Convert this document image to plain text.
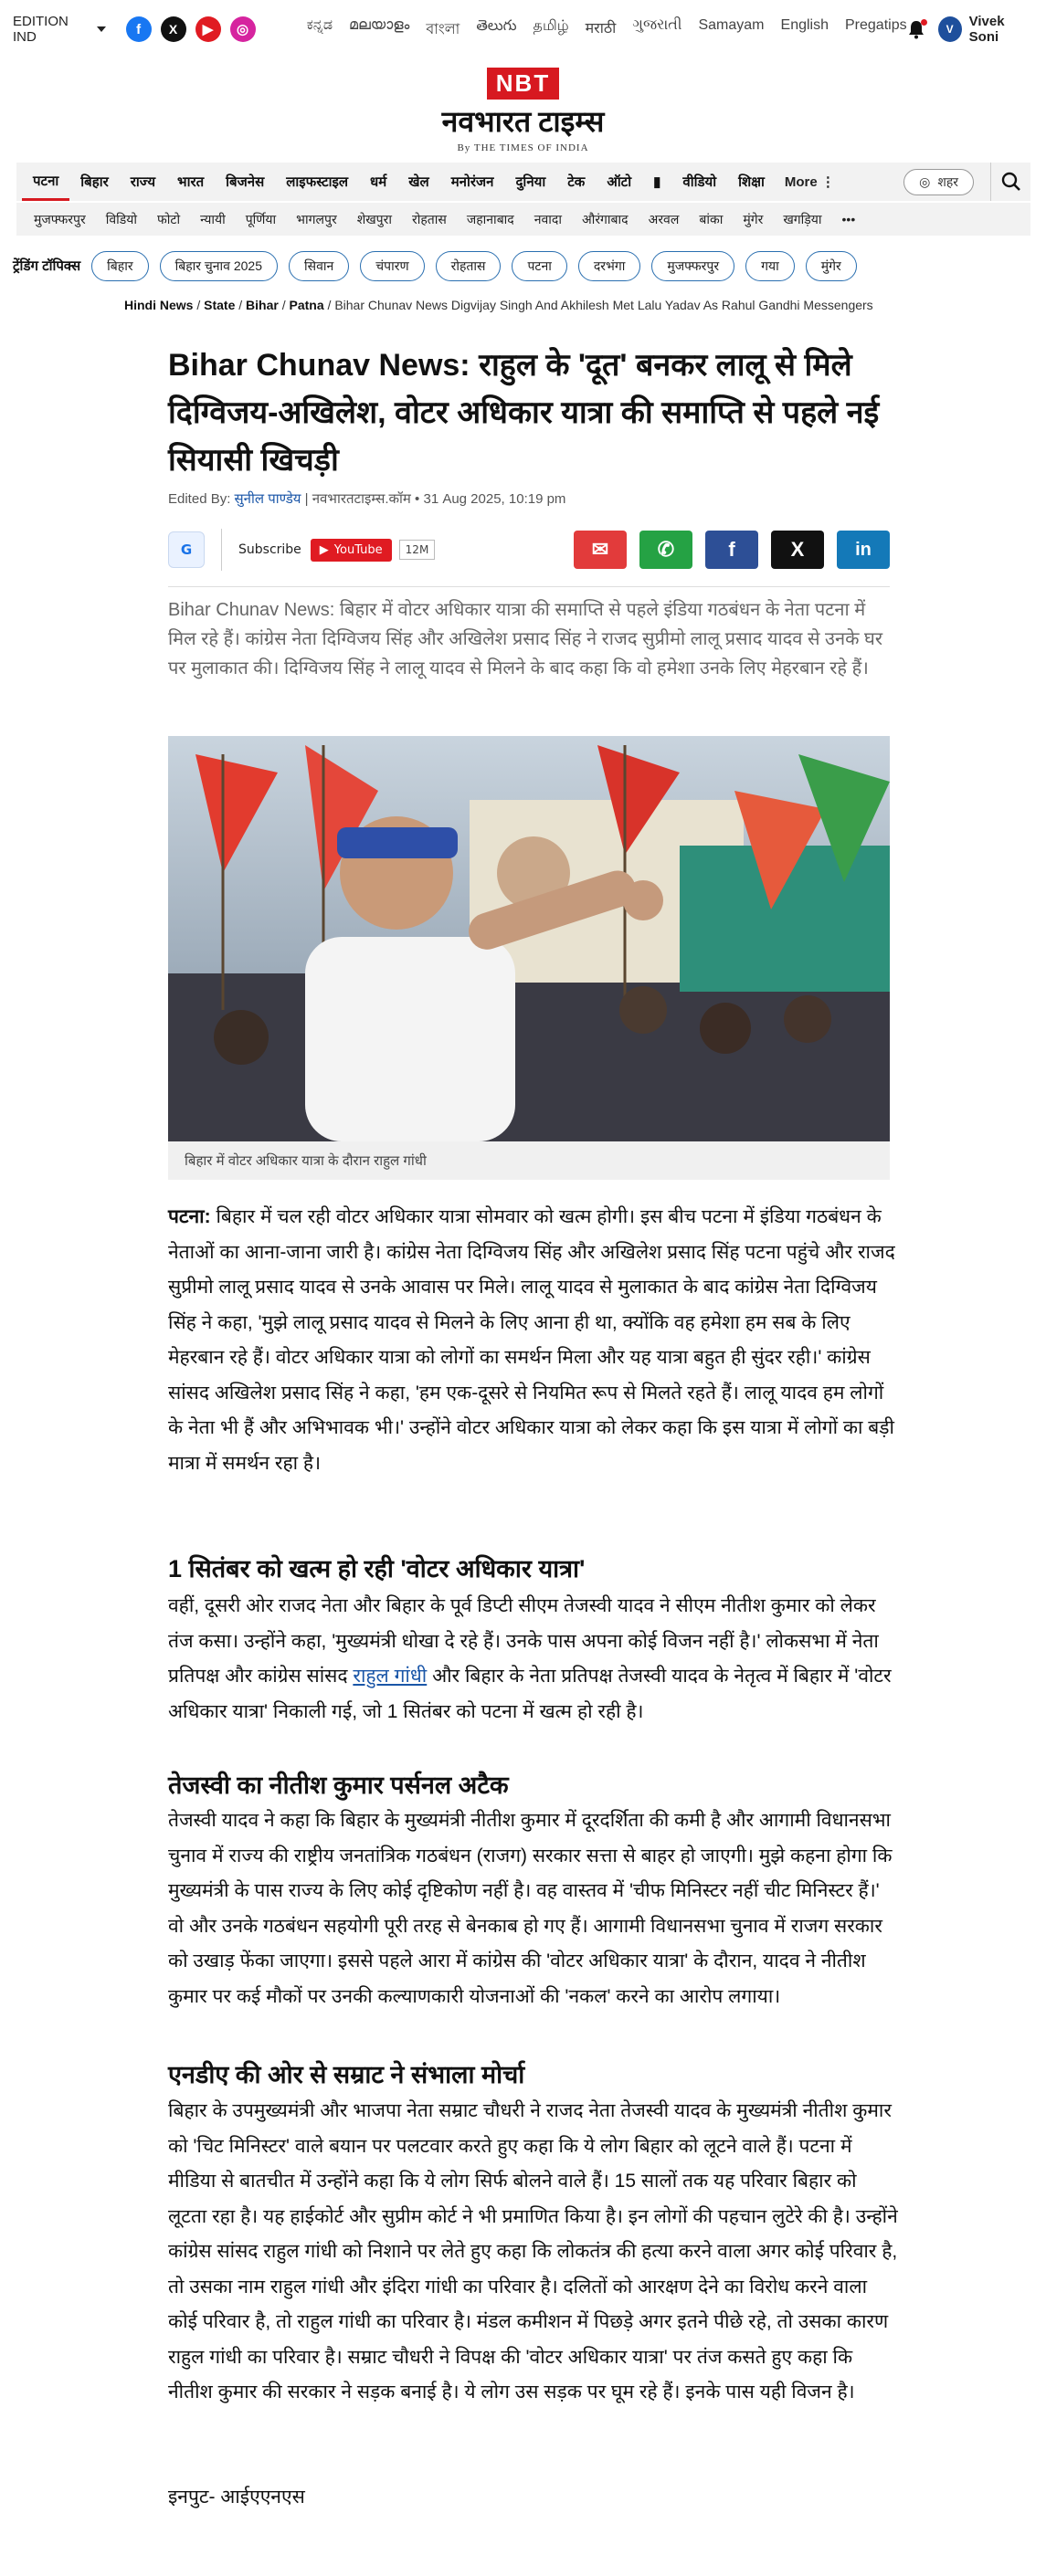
EDITION IND	f	X	▶	◎	ಕನ್ನಡ മലയാളം বাংলা తెలుగు தமிழ் मराठी ગુજરાતી Samayam English Pregatips	V	Vivek Soni
NBT
नवभारत टाइम्स
By THE TIMES OF INDIA
पटना	बिहार	राज्य	भारत	बिजनेस	लाइफस्टाइल	धर्म	खेल	मनोरंजन	दुनिया	टेक	ऑटो	▮	वीडियो	शिक्षा	More ⋮	◎ शहर
मुजफ्फरपुर	विडियो	फोटो	न्यायी	पूर्णिया	भागलपुर	शेखपुरा	रोहतास	जहानाबाद	नवादा	औरंगाबाद	अरवल	बांका	मुंगेर	खगड़िया	•••
ट्रेंडिंग टॉपिक्स	बिहार	बिहार चुनाव 2025	सिवान	चंपारण	रोहतास	पटना	दरभंगा	मुजफ्फरपुर	गया	मुंगेर
Hindi News / State / Bihar / Patna / Bihar Chunav News Digvijay Singh And Akhilesh Met Lalu Yadav As Rahul Gandhi Messengers
Bihar Chunav News: राहुल के 'दूत' बनकर लालू से मिले दिग्विजय-अखिलेश, वोटर अधिकार यात्रा की समाप्ति से पहले नई सियासी खिचड़ी
Edited By: सुनील पाण्डेय | नवभारतटाइम्स.कॉम • 31 Aug 2025, 10:19 pm
G	Subscribe ▶ YouTube	12M	✉	✆	f	X	in

Bihar Chunav News: बिहार में वोटर अधिकार यात्रा की समाप्ति से पहले इंडिया गठबंधन के नेता पटना में मिल रहे हैं। कांग्रेस नेता दिग्विजय सिंह और अखिलेश प्रसाद सिंह ने राजद सुप्रीमो लालू प्रसाद यादव से उनके घर पर मुलाकात की। दिग्विजय सिंह ने लालू यादव से मिलने के बाद कहा कि वो हमेशा उनके लिए मेहरबान रहे हैं।

बिहार में वोटर अधिकार यात्रा के दौरान राहुल गांधी

पटना: बिहार में चल रही वोटर अधिकार यात्रा सोमवार को खत्म होगी। इस बीच पटना में इंडिया गठबंधन के नेताओं का आना-जाना जारी है। कांग्रेस नेता दिग्विजय सिंह और अखिलेश प्रसाद सिंह पटना पहुंचे और राजद सुप्रीमो लालू प्रसाद यादव से उनके आवास पर मिले। लालू यादव से मुलाकात के बाद कांग्रेस नेता दिग्विजय सिंह ने कहा, 'मुझे लालू प्रसाद यादव से मिलने के लिए आना ही था, क्योंकि वह हमेशा हम सब के लिए मेहरबान रहे हैं। वोटर अधिकार यात्रा को लोगों का समर्थन मिला और यह यात्रा बहुत ही सुंदर रही।' कांग्रेस सांसद अखिलेश प्रसाद सिंह ने कहा, 'हम एक-दूसरे से नियमित रूप से मिलते रहते हैं। लालू यादव हम लोगों के नेता भी हैं और अभिभावक भी।' उन्होंने वोटर अधिकार यात्रा को लेकर कहा कि इस यात्रा में लोगों का बड़ी मात्रा में समर्थन रहा है।

1 सितंबर को खत्म हो रही 'वोटर अधिकार यात्रा'

वहीं, दूसरी ओर राजद नेता और बिहार के पूर्व डिप्टी सीएम तेजस्वी यादव ने सीएम नीतीश कुमार को लेकर तंज कसा। उन्होंने कहा, 'मुख्यमंत्री धोखा दे रहे हैं। उनके पास अपना कोई विजन नहीं है।' लोकसभा में नेता प्रतिपक्ष और कांग्रेस सांसद राहुल गांधी और बिहार के नेता प्रतिपक्ष तेजस्वी यादव के नेतृत्व में बिहार में 'वोटर अधिकार यात्रा' निकाली गई, जो 1 सितंबर को पटना में खत्म हो रही है।

तेजस्वी का नीतीश कुमार पर्सनल अटैक

तेजस्वी यादव ने कहा कि बिहार के मुख्यमंत्री नीतीश कुमार में दूरदर्शिता की कमी है और आगामी विधानसभा चुनाव में राज्य की राष्ट्रीय जनतांत्रिक गठबंधन (राजग) सरकार सत्ता से बाहर हो जाएगी। मुझे कहना होगा कि मुख्यमंत्री के पास राज्य के लिए कोई दृष्टिकोण नहीं है। वह वास्तव में 'चीफ मिनिस्टर नहीं चीट मिनिस्टर हैं।' वो और उनके गठबंधन सहयोगी पूरी तरह से बेनकाब हो गए हैं। आगामी विधानसभा चुनाव में राजग सरकार को उखाड़ फेंका जाएगा। इससे पहले आरा में कांग्रेस की 'वोटर अधिकार यात्रा' के दौरान, यादव ने नीतीश कुमार पर कई मौकों पर उनकी कल्याणकारी योजनाओं की 'नकल' करने का आरोप लगाया।

एनडीए की ओर से सम्राट ने संभाला मोर्चा

बिहार के उपमुख्यमंत्री और भाजपा नेता सम्राट चौधरी ने राजद नेता तेजस्वी यादव के मुख्यमंत्री नीतीश कुमार को 'चिट मिनिस्टर' वाले बयान पर पलटवार करते हुए कहा कि ये लोग बिहार को लूटने वाले हैं। पटना में मीडिया से बातचीत में उन्होंने कहा कि ये लोग सिर्फ बोलने वाले हैं। 15 सालों तक यह परिवार बिहार को लूटता रहा है। यह हाईकोर्ट और सुप्रीम कोर्ट ने भी प्रमाणित किया है। इन लोगों की पहचान लुटेरे की है। उन्होंने कांग्रेस सांसद राहुल गांधी को निशाने पर लेते हुए कहा कि लोकतंत्र की हत्या करने वाला अगर कोई परिवार है, तो उसका नाम राहुल गांधी और इंदिरा गांधी का परिवार है। दलितों को आरक्षण देने का विरोध करने वाला कोई परिवार है, तो राहुल गांधी का परिवार है। मंडल कमीशन में पिछड़े अगर इतने पीछे रहे, तो उसका कारण राहुल गांधी का परिवार है। सम्राट चौधरी ने विपक्ष की 'वोटर अधिकार यात्रा' पर तंज कसते हुए कहा कि नीतीश कुमार की सरकार ने सड़क बनाई है। ये लोग उस सड़क पर घूम रहे हैं। इनके पास यही विजन है।

इनपुट- आईएएनएस
